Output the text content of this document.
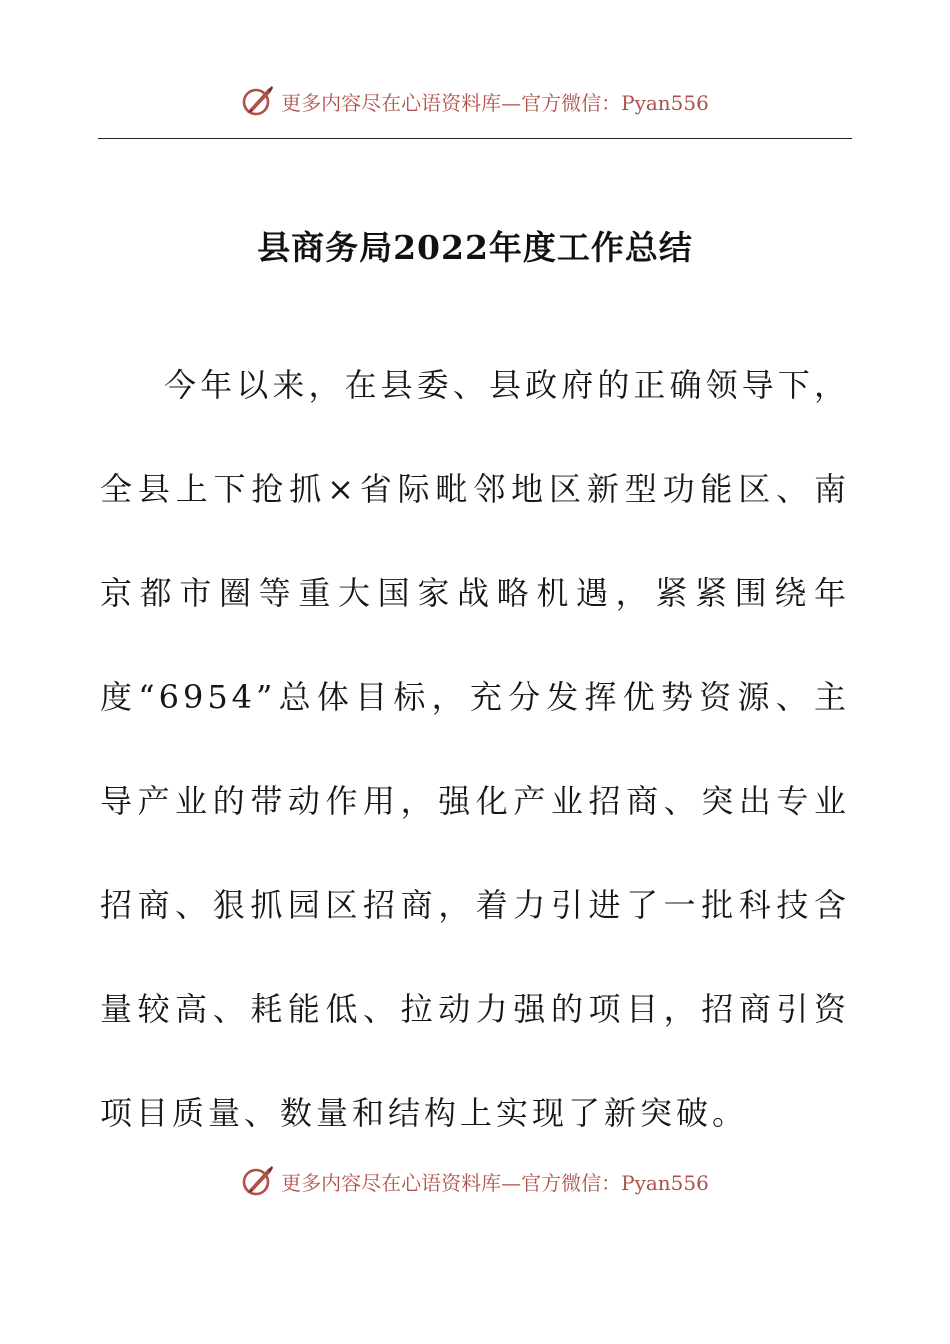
更多内容尽在心语资料库—官方微信：Pyan556
县商务局2022年度工作总结

今年以来，在县委、县政府的正确领导下，全县上下抢抓×省际毗邻地区新型功能区、南京都市圈等重大国家战略机遇，紧紧围绕年度“6954”总体目标，充分发挥优势资源、主导产业的带动作用，强化产业招商、突出专业招商、狠抓园区招商，着力引进了一批科技含量较高、耗能低、拉动力强的项目，招商引资项目质量、数量和结构上实现了新突破。

更多内容尽在心语资料库—官方微信：Pyan556
